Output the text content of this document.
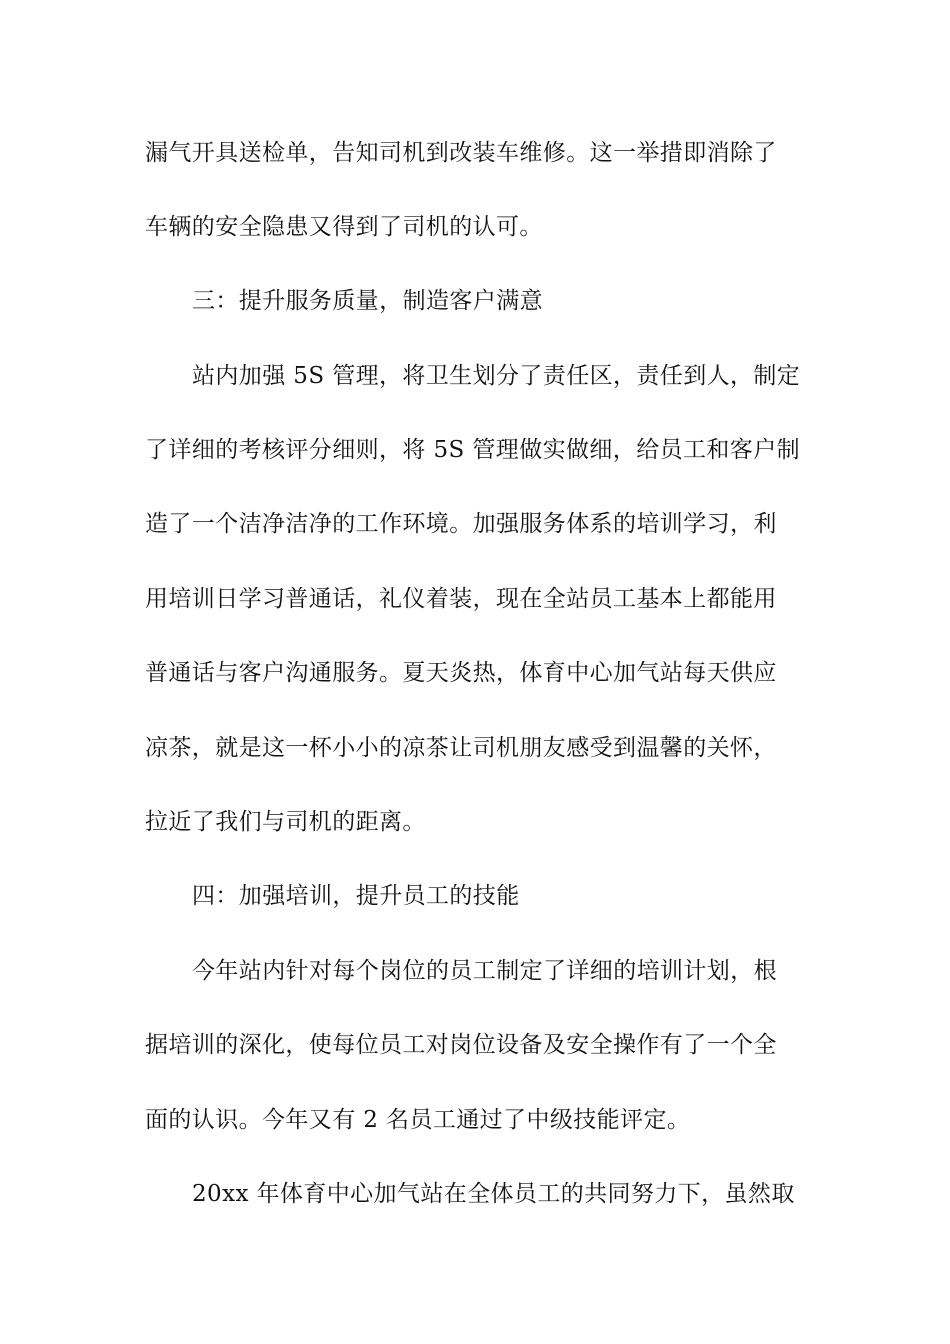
漏气开具送检单，告知司机到改装车维修。这一举措即消除了
车辆的安全隐患又得到了司机的认可。
三：提升服务质量，制造客户满意
站内加强 5S 管理，将卫生划分了责任区，责任到人，制定
了详细的考核评分细则，将 5S 管理做实做细，给员工和客户制
造了一个洁净洁净的工作环境。加强服务体系的培训学习，利
用培训日学习普通话，礼仪着装，现在全站员工基本上都能用
普通话与客户沟通服务。夏天炎热，体育中心加气站每天供应
凉茶，就是这一杯小小的凉茶让司机朋友感受到温馨的关怀，
拉近了我们与司机的距离。
四：加强培训，提升员工的技能
今年站内针对每个岗位的员工制定了详细的培训计划，根
据培训的深化，使每位员工对岗位设备及安全操作有了一个全
面的认识。今年又有 2 名员工通过了中级技能评定。
20xx 年体育中心加气站在全体员工的共同努力下，虽然取
